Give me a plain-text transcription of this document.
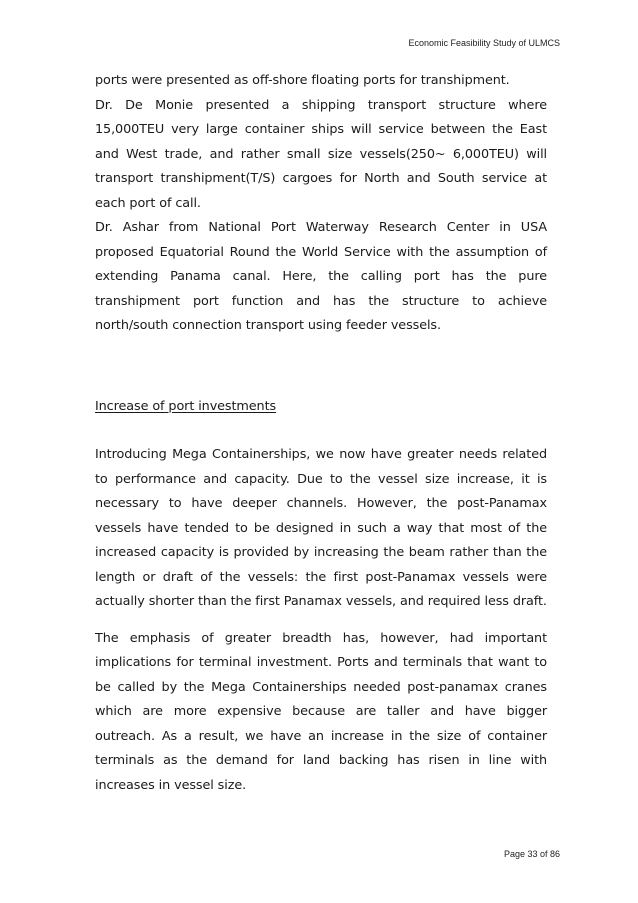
Economic Feasibility Study of ULMCS

ports were presented as off-shore floating ports for transhipment.

Dr. De Monie presented a shipping transport structure where 15,000TEU very large container ships will service between the East and West trade, and rather small size vessels(250~ 6,000TEU) will transport transhipment(T/S) cargoes for North and South service at each port of call.

Dr. Ashar from National Port Waterway Research Center in USA proposed Equatorial Round the World Service with the assumption of extending Panama canal. Here, the calling port has the pure transhipment port function and has the structure to achieve north/south connection transport using feeder vessels.

Increase of port investments

Introducing Mega Containerships, we now have greater needs related to performance and capacity. Due to the vessel size increase, it is necessary to have deeper channels. However, the post-Panamax vessels have tended to be designed in such a way that most of the increased capacity is provided by increasing the beam rather than the length or draft of the vessels: the first post-Panamax vessels were actually shorter than the first Panamax vessels, and required less draft.

The emphasis of greater breadth has, however, had important implications for terminal investment. Ports and terminals that want to be called by the Mega Containerships needed post-panamax cranes which are more expensive because are taller and have bigger outreach. As a result, we have an increase in the size of container terminals as the demand for land backing has risen in line with increases in vessel size.

Page 33 of 86
